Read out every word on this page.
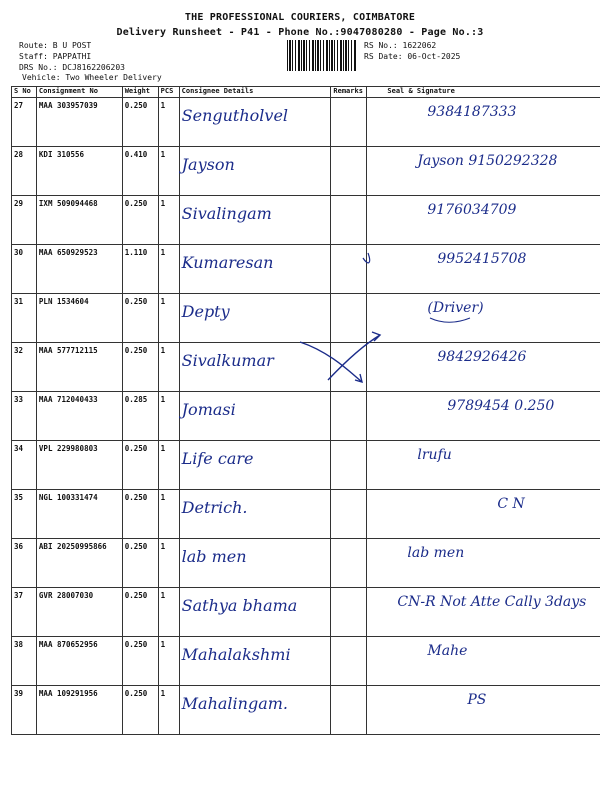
THE PROFESSIONAL COURIERS, COIMBATORE
Delivery Runsheet - P41 - Phone No.:9047080280 - Page No.:3
Route: B U POST
Staff: PAPPATHI
DRS No.: DCJ8162206203
Vehicle: Two Wheeler Delivery
RS No.: 1622062
RS Date: 06-Oct-2025
S No	Consignment No	Weight	PCS	Consignee Details	Remarks	Seal & Signature
27	MAA 303957039	0.250	1	Sengutholvel		9384187333
28	KDI 310556	0.410	1	Jayson		Jayson 9150292328
29	IXM 509094468	0.250	1	Sivalingam		9176034709
30	MAA 650929523	1.110	1	Kumaresan		9952415708
31	PLN 1534604	0.250	1	Depty		(Driver)
32	MAA 577712115	0.250	1	Sivalkumar		9842926426
33	MAA 712040433	0.285	1	Jomasi		9789454 0.250
34	VPL 229980803	0.250	1	Life care		lrufu
35	NGL 100331474	0.250	1	Detrich.		C N
36	ABI 20250995866	0.250	1	lab men		lab men
37	GVR 28007030	0.250	1	Sathya bhama		CN-R Not Atte Cally 3days
38	MAA 870652956	0.250	1	Mahalakshmi		Mahe
39	MAA 109291956	0.250	1	Mahalingam.		PS
